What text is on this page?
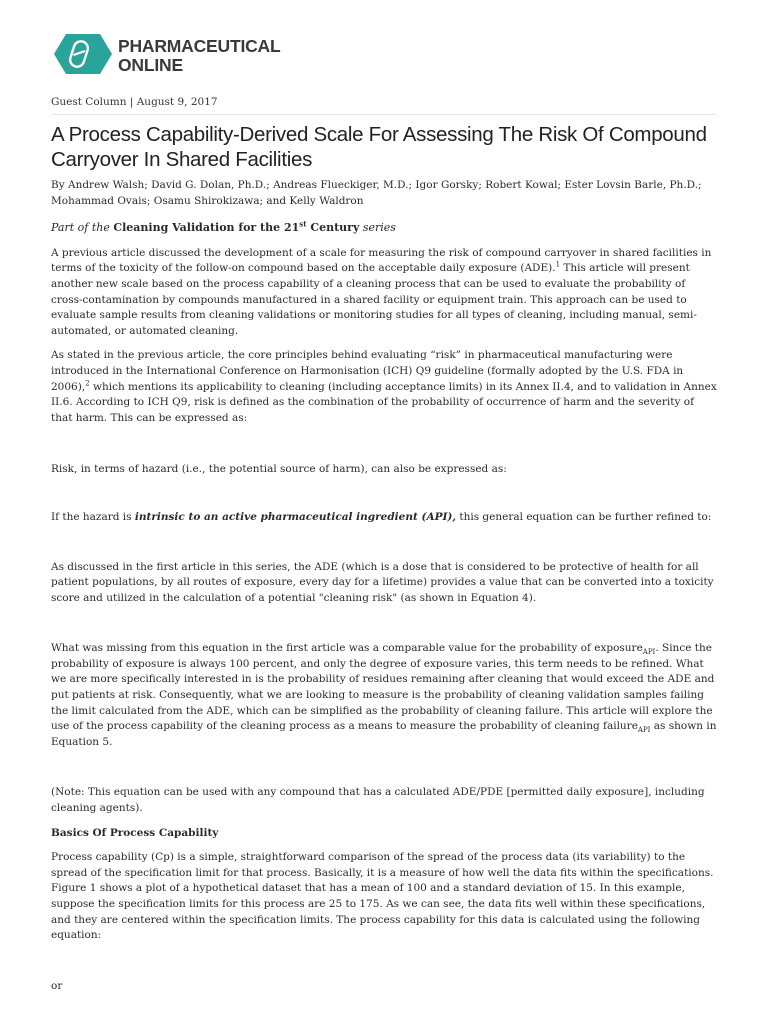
PHARMACEUTICAL
ONLINE
Guest Column | August 9, 2017
A Process Capability-Derived Scale For Assessing The Risk Of Compound Carryover In Shared Facilities

By Andrew Walsh; David G. Dolan, Ph.D.; Andreas Flueckiger, M.D.; Igor Gorsky; Robert Kowal; Ester Lovsin Barle, Ph.D.; Mohammad Ovais; Osamu Shirokizawa; and Kelly Waldron

Part of the Cleaning Validation for the 21st Century series

A previous article discussed the development of a scale for measuring the risk of compound carryover in shared facilities in terms of the toxicity of the follow-on compound based on the acceptable daily exposure (ADE).$^1$ This article will present another new scale based on the process capability of a cleaning process that can be used to evaluate the probability of cross-contamination by compounds manufactured in a shared facility or equipment train. This approach can be used to evaluate sample results from cleaning validations or monitoring studies for all types of cleaning, including manual, semi-automated, or automated cleaning.

As stated in the previous article, the core principles behind evaluating “risk” in pharmaceutical manufacturing were introduced in the International Conference on Harmonisation (ICH) Q9 guideline (formally adopted by the U.S. FDA in 2006),$^2$ which mentions its applicability to cleaning (including acceptance limits) in its Annex II.4, and to validation in Annex II.6. According to ICH Q9, risk is defined as the combination of the probability of occurrence of harm and the severity of that harm. This can be expressed as:

Risk, in terms of hazard (i.e., the potential source of harm), can also be expressed as:

If the hazard is intrinsic to an active pharmaceutical ingredient (API), this general equation can be further refined to:

As discussed in the first article in this series, the ADE (which is a dose that is considered to be protective of health for all patient populations, by all routes of exposure, every day for a lifetime) provides a value that can be converted into a toxicity score and utilized in the calculation of a potential "cleaning risk" (as shown in Equation 4).

What was missing from this equation in the first article was a comparable value for the probability of exposure$_{API}$. Since the probability of exposure is always 100 percent, and only the degree of exposure varies, this term needs to be refined. What we are more specifically interested in is the probability of residues remaining after cleaning that would exceed the ADE and put patients at risk. Consequently, what we are looking to measure is the probability of cleaning validation samples failing the limit calculated from the ADE, which can be simplified as the probability of cleaning failure. This article will explore the use of the process capability of the cleaning process as a means to measure the probability of cleaning failure$_{API}$ as shown in Equation 5.

(Note: This equation can be used with any compound that has a calculated ADE/PDE [permitted daily exposure], including cleaning agents).

Basics Of Process Capability

Process capability (Cp) is a simple, straightforward comparison of the spread of the process data (its variability) to the spread of the specification limit for that process. Basically, it is a measure of how well the data fits within the specifications. Figure 1 shows a plot of a hypothetical dataset that has a mean of 100 and a standard deviation of 15. In this example, suppose the specification limits for this process are 25 to 175. As we can see, the data fits well within these specifications, and they are centered within the specification limits. The process capability for this data is calculated using the following equation:

or
